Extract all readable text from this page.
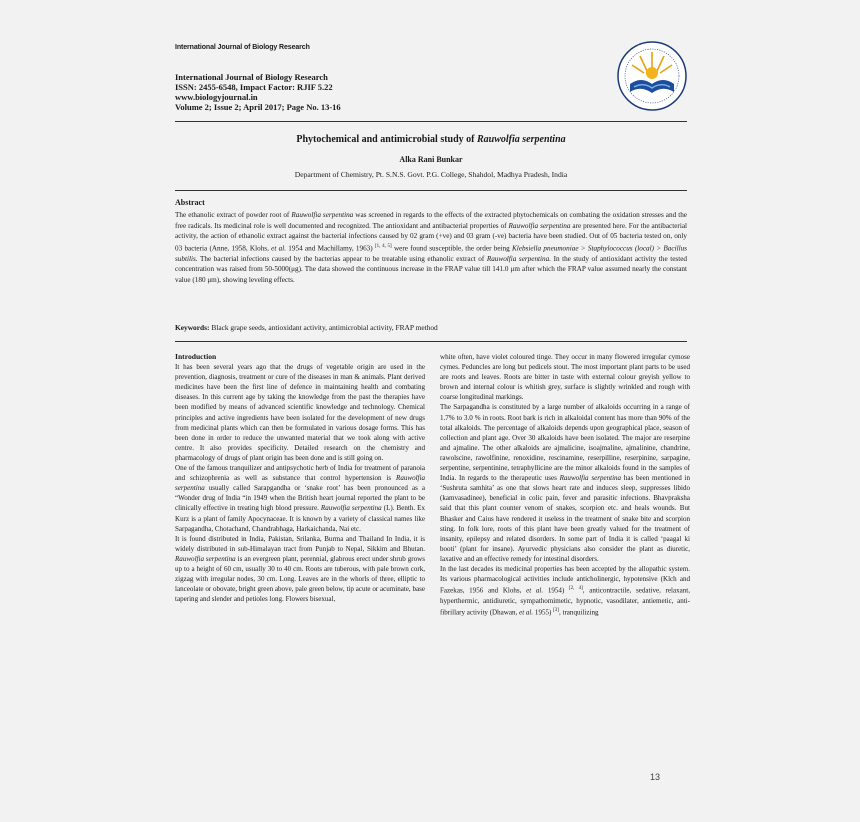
International Journal of Biology Research
International Journal of Biology Research
ISSN: 2455-6548, Impact Factor: RJIF 5.22
www.biologyjournal.in
Volume 2; Issue 2; April 2017; Page No. 13-16
Phytochemical and antimicrobial study of Rauwolfia serpentina
Alka Rani Bunkar
Department of Chemistry, Pt. S.N.S. Govt. P.G. College, Shahdol, Madhya Pradesh, India
Abstract
The ethanolic extract of powder root of Rauwolfia serpentina was screened in regards to the effects of the extracted phytochemicals on combating the oxidation stresses and the free radicals. Its medicinal role is well documented and recognized. The antioxidant and antibacterial properties of Rauwolfia serpentina are presented here. For the antibacterial activity, the action of ethanolic extract against the bacterial infections caused by 02 gram (+ve) and 03 gram (-ve) bacteria have been studied. Out of 05 bacteria tested on, only 03 bacteria (Anne, 1958, Klohs, et al. 1954 and Machillamy, 1963) [1, 4, 5] were found susceptible, the order being Klebsiella pneumoniae > Staphylococcus (local) > Bacillus subtilis. The bacterial infections caused by the bacterias appear to be treatable using ethanolic extract of Rauwolfia serpentina. In the study of antioxidant activity the tested concentration was raised from 50-5000(μg). The data showed the continuous increase in the FRAP value till 141.0 μm after which the FRAP value assumed nearly the constant value (180 μm), showing leveling effects.
Keywords: Black grape seeds, antioxidant activity, antimicrobial activity, FRAP method

Introduction

It has been several years ago that the drugs of vegetable origin are used in the prevention, diagnosis, treatment or cure of the diseases in man & animals. Plant derived medicines have been the first line of defence in maintaining health and combating diseases. In this current age by taking the knowledge from the past the therapies have been modified by means of advanced scientific knowledge and technology. Chemical principles and active ingredients have been isolated for the development of new drugs from medicinal plants which can then be formulated in various dosage forms. This has been done in order to reduce the unwanted material that we took along with active centre. It also provides specificity. Detailed research on the chemistry and pharmacology of drugs of plant origin has been done and is still going on.

One of the famous tranquilizer and antipsychotic herb of India for treatment of paranoia and schizophrenia as well as substance that control hypertension is Rauwolfia serpentina usually called Sarapgandha or ‘snake root’ has been pronounced as a “Wonder drug of India “in 1949 when the British heart journal reported the plant to be clinically effective in treating high blood pressure. Rauwolfia serpentina (L). Benth. Ex Kurz is a plant of family Apocynaceae. It is known by a variety of classical names like Sarpagandha, Chotachand, Chandrabhaga, Harkaichanda, Nai etc.

It is found distributed in India, Pakistan, Srilanka, Burma and Thailand In India, it is widely distributed in sub-Himalayan tract from Punjab to Nepal, Sikkim and Bhutan. Rauwolfia serpentina is an evergreen plant, perennial, glabrous erect under shrub grows up to a height of 60 cm, usually 30 to 40 cm. Roots are tuberous, with pale brown cork, zigzag with irregular nodes, 30 cm. Long. Leaves are in the whorls of three, elliptic to lanceolate or obovate, bright green above, pale green below, tip acute or acuminate, base tapering and slender and petioles long. Flowers bisexual,

white often, have violet coloured tinge. They occur in many flowered irregular cymose cymes. Peduncles are long but pedicels stout. The most important plant parts to be used are roots and leaves. Roots are bitter in taste with external colour greyish yellow to brown and internal colour is whitish grey, surface is slightly wrinkled and rough with coarse longitudinal markings.

The Sarpagandha is constituted by a large number of alkaloids occurring in a range of 1.7% to 3.0 % in roots. Root bark is rich in alkaloidal content has more than 90% of the total alkaloids. The percentage of alkaloids depends upon geographical place, season of collection and plant age. Over 30 alkaloids have been isolated. The major are reserpine and ajmaline. The other alkaloids are ajmalicine, isoajmaline, ajmalinine, chandrine, rawolscine, rawolfinine, renoxidine, rescinamine, reserpilline, reserpinine, sarpagine, serpentine, serpentinine, tetraphyllicine are the minor alkaloids found in the samples of India. In regards to the therapeutic uses Rauwolfia serpentina has been mentioned in ‘Sushruta samhita’ as one that slows heart rate and induces sleep, suppresses libido (kamvasadinee), beneficial in colic pain, fever and parasitic infections. Bhavpraksha said that this plant counter venom of snakes, scorpion etc. and heals wounds. But Bhasker and Caius have rendered it useless in the treatment of snake bite and scorpion sting. In folk lore, roots of this plant have been greatly valued for the treatment of insanity, epilepsy and related disorders. In some part of India it is called ‘paagal ki booti’ (plant for insane). Ayurvedic physicians also consider the plant as diuretic, laxative and an effective remedy for intestinal disorders.

In the last decades its medicinal properties has been accepted by the allopathic system. Its various pharmacological activities include anticholinergic, hypotensive (Klch and Fazekas, 1956 and Klohs, et al. 1954) [2, 4], anticontractile, sedative, relaxant, hyperthermic, antidiuretic, sympathomimetic, hypnotic, vasodilater, antiemetic, anti-fibrillary activity (Dhawan, et al. 1955) [3], tranquilizing

13
